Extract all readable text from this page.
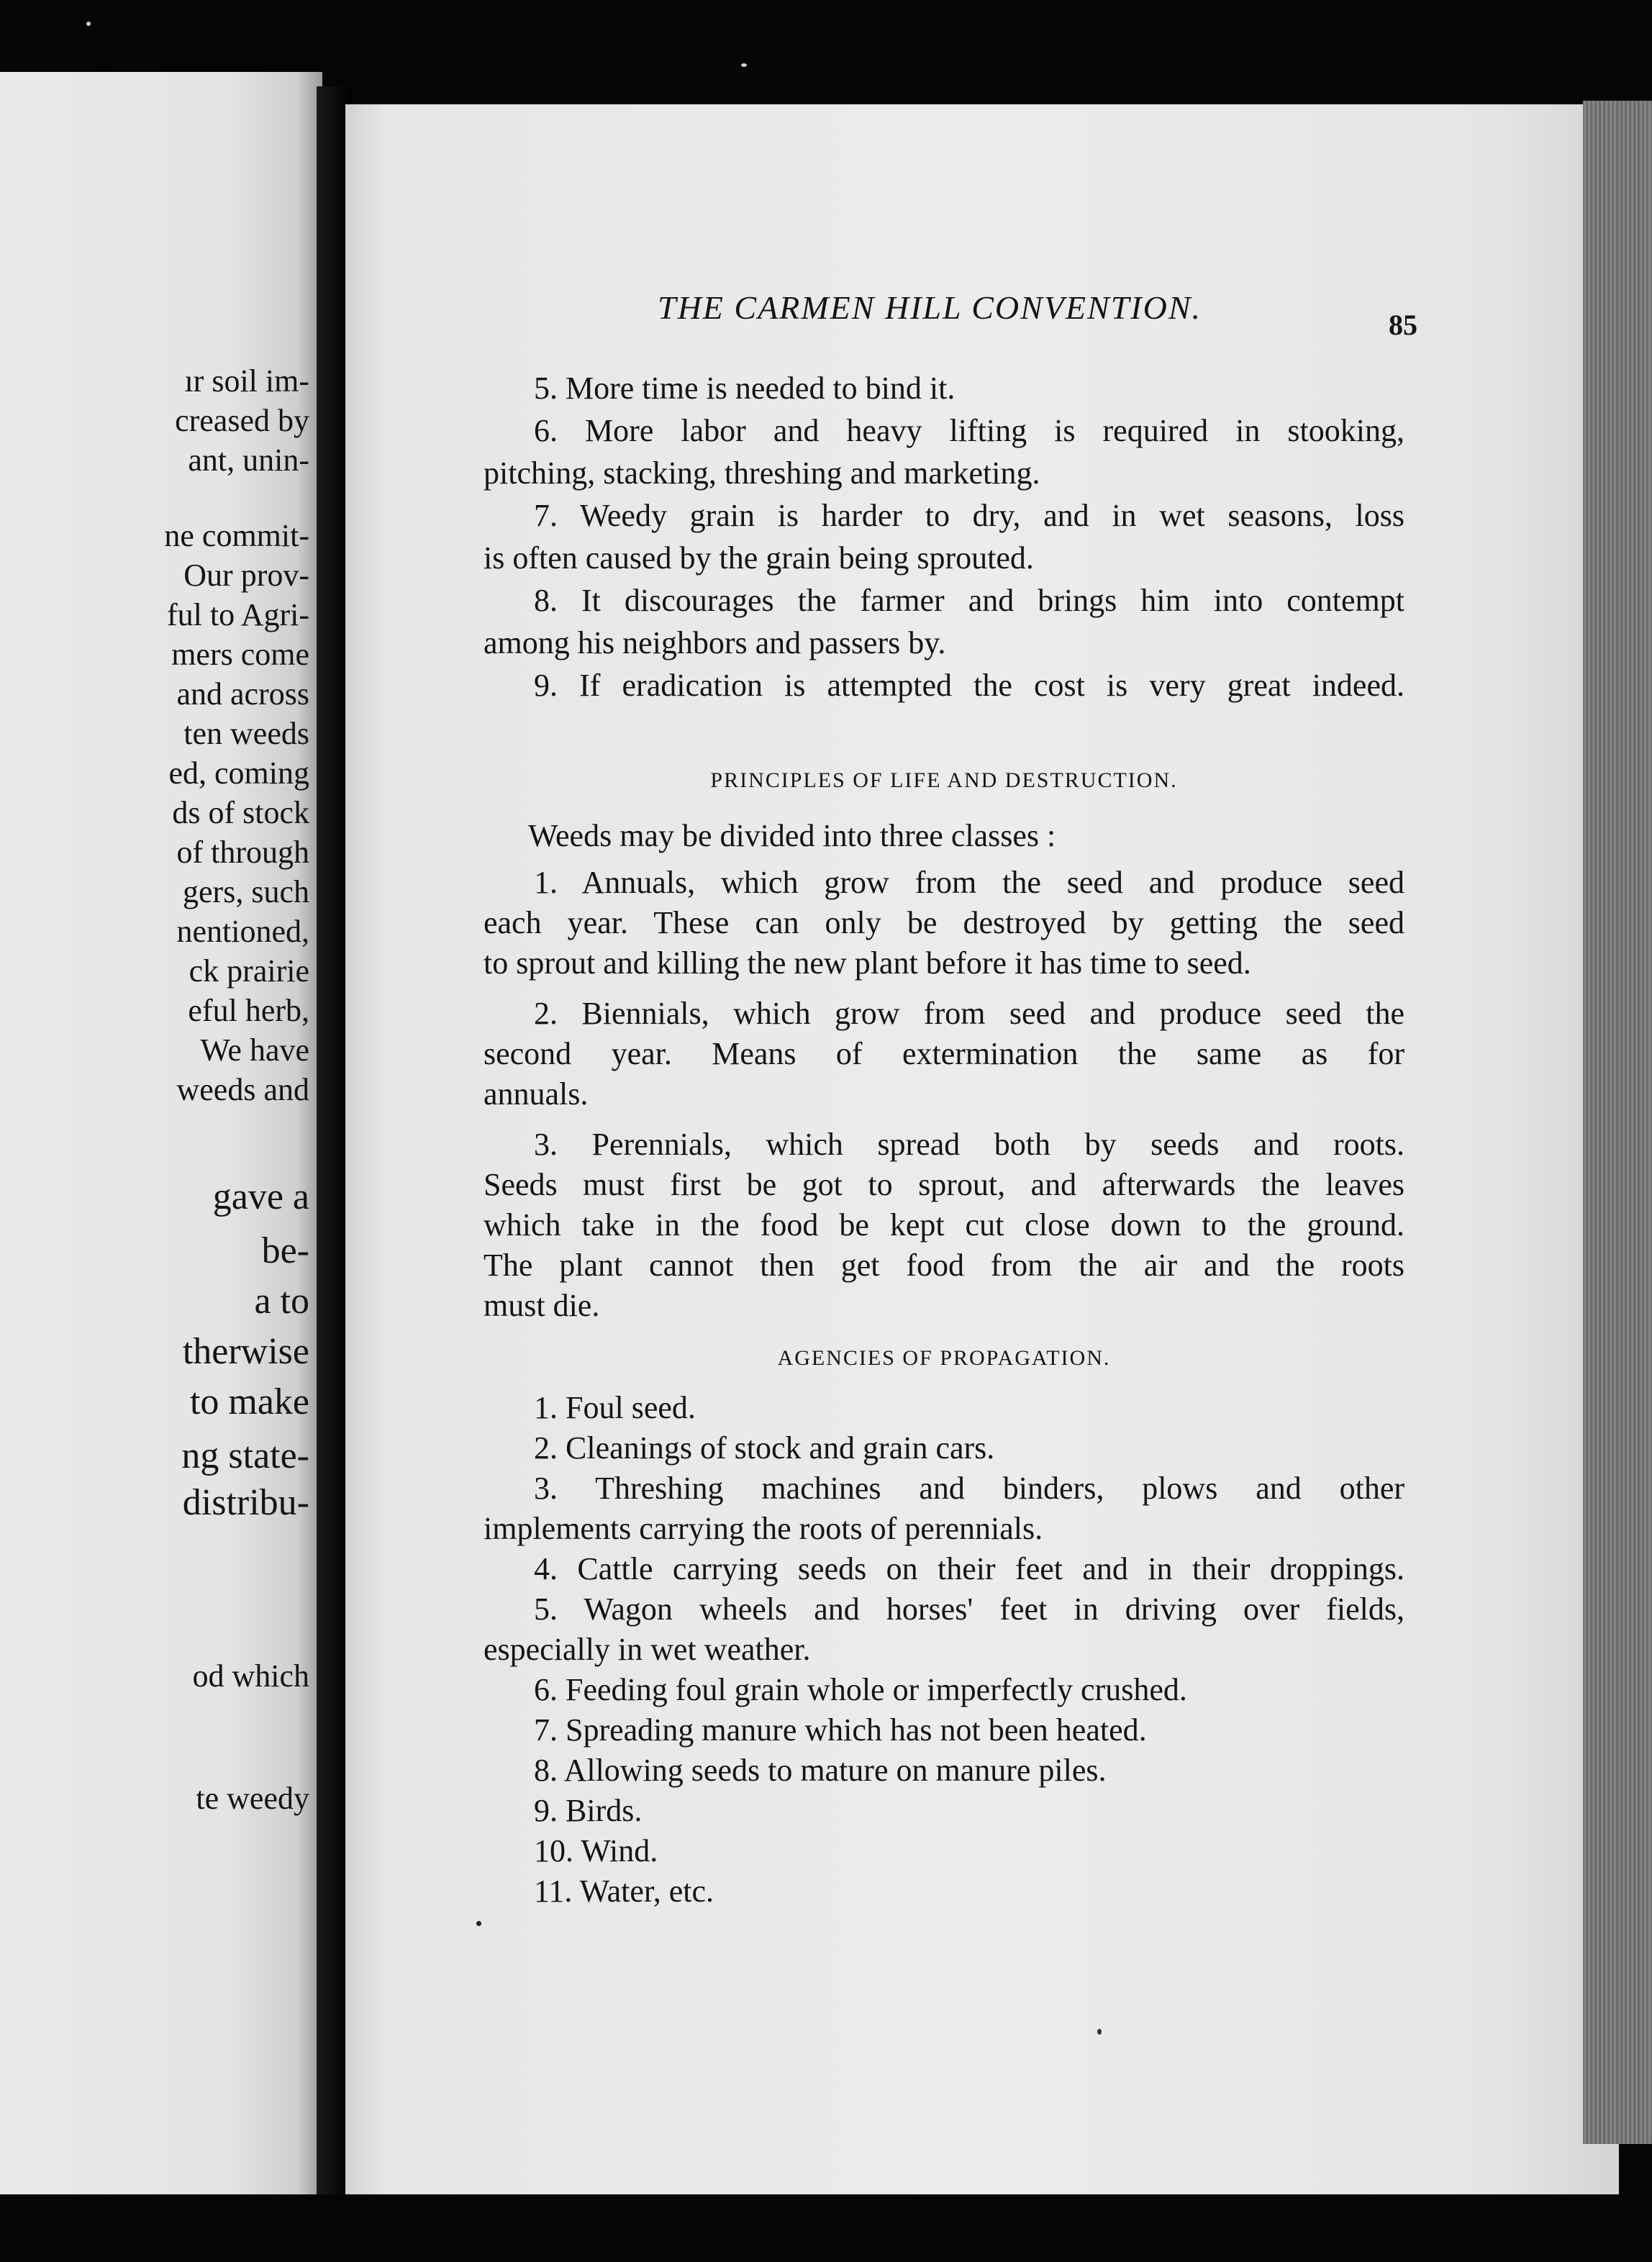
ır soil im-
creased by
ant, unin-
ne commit-
Our prov-
ful to Agri-
mers come
and across
ten weeds
ed, coming
ds of stock
of through
gers, such
nentioned,
ck prairie
eful herb,
We have
weeds and
gave a
be-
a to
therwise
to make
ng state-
distribu-
od which
te weedy
THE CARMEN HILL CONVENTION.	85
5. More time is needed to bind it.
6. More labor and heavy lifting is required in stooking,
pitching, stacking, threshing and marketing.
7. Weedy grain is harder to dry, and in wet seasons, loss
is often caused by the grain being sprouted.
8. It discourages the farmer and brings him into contempt
among his neighbors and passers by.
9. If eradication is attempted the cost is very great indeed.
PRINCIPLES OF LIFE AND DESTRUCTION.
Weeds may be divided into three classes :
1. Annuals, which grow from the seed and produce seed
each year. These can only be destroyed by getting the seed
to sprout and killing the new plant before it has time to seed.
2. Biennials, which grow from seed and produce seed the
second year. Means of extermination the same as for
annuals.
3. Perennials, which spread both by seeds and roots.
Seeds must first be got to sprout, and afterwards the leaves
which take in the food be kept cut close down to the ground.
The plant cannot then get food from the air and the roots
must die.
AGENCIES OF PROPAGATION.
1. Foul seed.
2. Cleanings of stock and grain cars.
3. Threshing machines and binders, plows and other
implements carrying the roots of perennials.
4. Cattle carrying seeds on their feet and in their droppings.
5. Wagon wheels and horses' feet in driving over fields,
especially in wet weather.
6. Feeding foul grain whole or imperfectly crushed.
7. Spreading manure which has not been heated.
8. Allowing seeds to mature on manure piles.
9. Birds.
10. Wind.
11. Water, etc.
